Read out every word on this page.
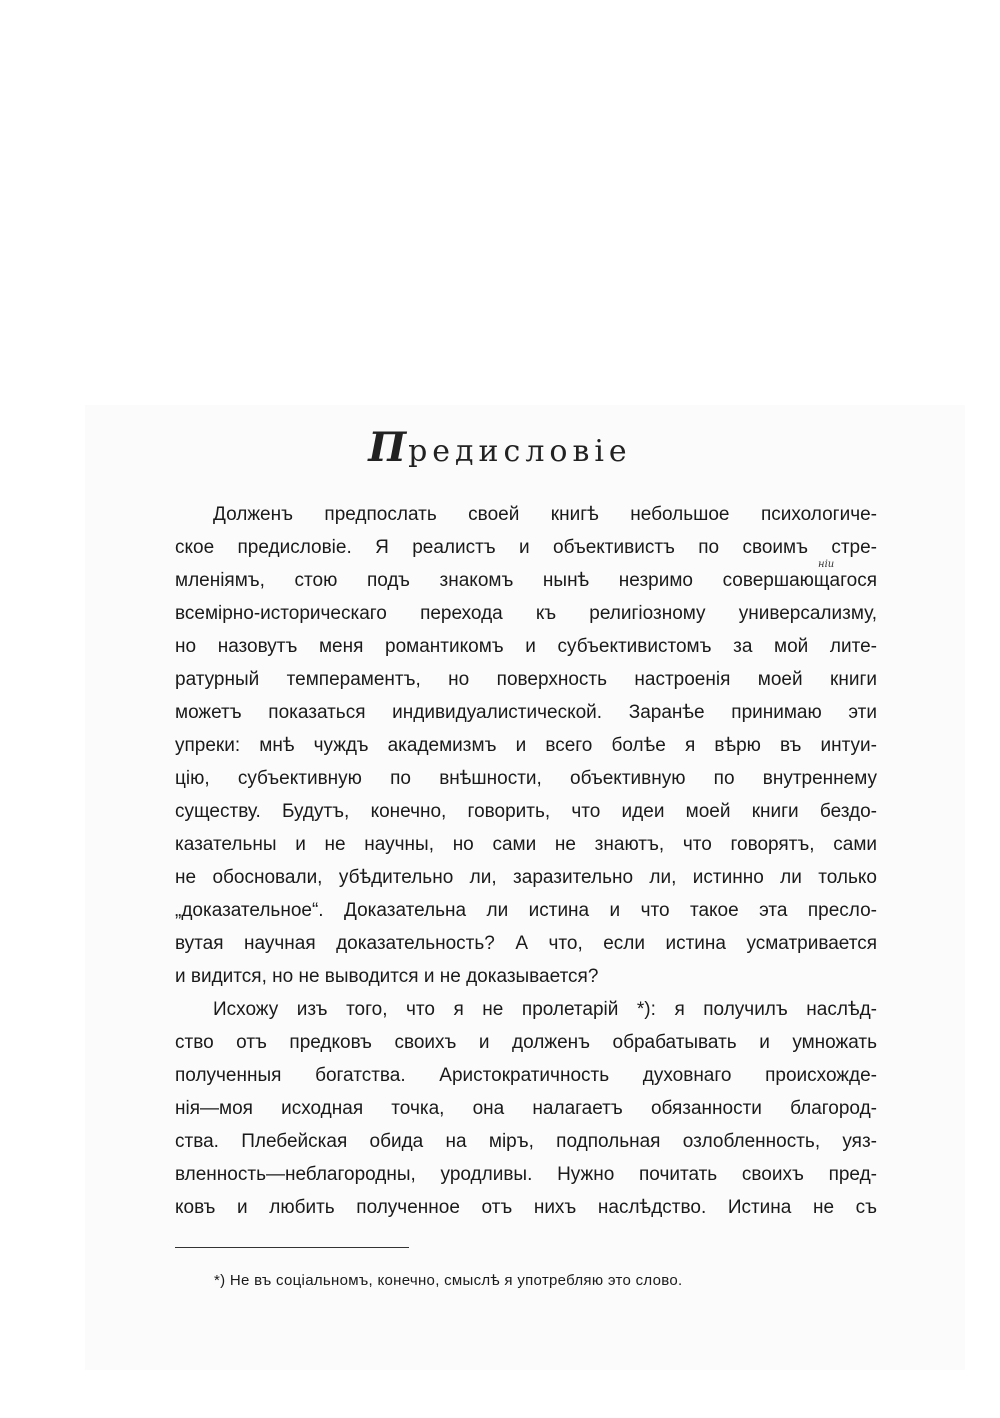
Предисловіе
ніи
Долженъ предпослать своей книгѣ небольшое психологиче-
ское предисловіе. Я реалистъ и объективистъ по своимъ стре-
мленіямъ, стою подъ знакомъ нынѣ незримо совершающагося
всемірно-историческаго перехода къ религіозному универсализму,
но назовутъ меня романтикомъ и субъективистомъ за мой лите-
ратурный темпераментъ, но поверхность настроенія моей книги
можетъ показаться индивидуалистической. Заранѣе принимаю эти
упреки: мнѣ чуждъ академизмъ и всего болѣе я вѣрю въ интуи-
цію, субъективную по внѣшности, объективную по внутреннему
существу. Будутъ, конечно, говорить, что идеи моей книги бездо-
казательны и не научны, но сами не знаютъ, что говорятъ, сами
не обосновали, убѣдительно ли, заразительно ли, истинно ли только
„доказательное“. Доказательна ли истина и что такое эта пресло-
вутая научная доказательность? А что, если истина усматривается
и видится, но не выводится и не доказывается?
Исхожу изъ того, что я не пролетарій *): я получилъ наслѣд-
ство отъ предковъ своихъ и долженъ обрабатывать и умножать
полученныя богатства. Аристократичность духовнаго происхожде-
нія—моя исходная точка, она налагаетъ обязанности благород-
ства. Плебейская обида на міръ, подпольная озлобленность, уяз-
вленность—неблагородны, уродливы. Нужно почитать своихъ пред-
ковъ и любить полученное отъ нихъ наслѣдство. Истина не съ
*) Не въ соціальномъ, конечно, смыслѣ я употребляю это слово.
